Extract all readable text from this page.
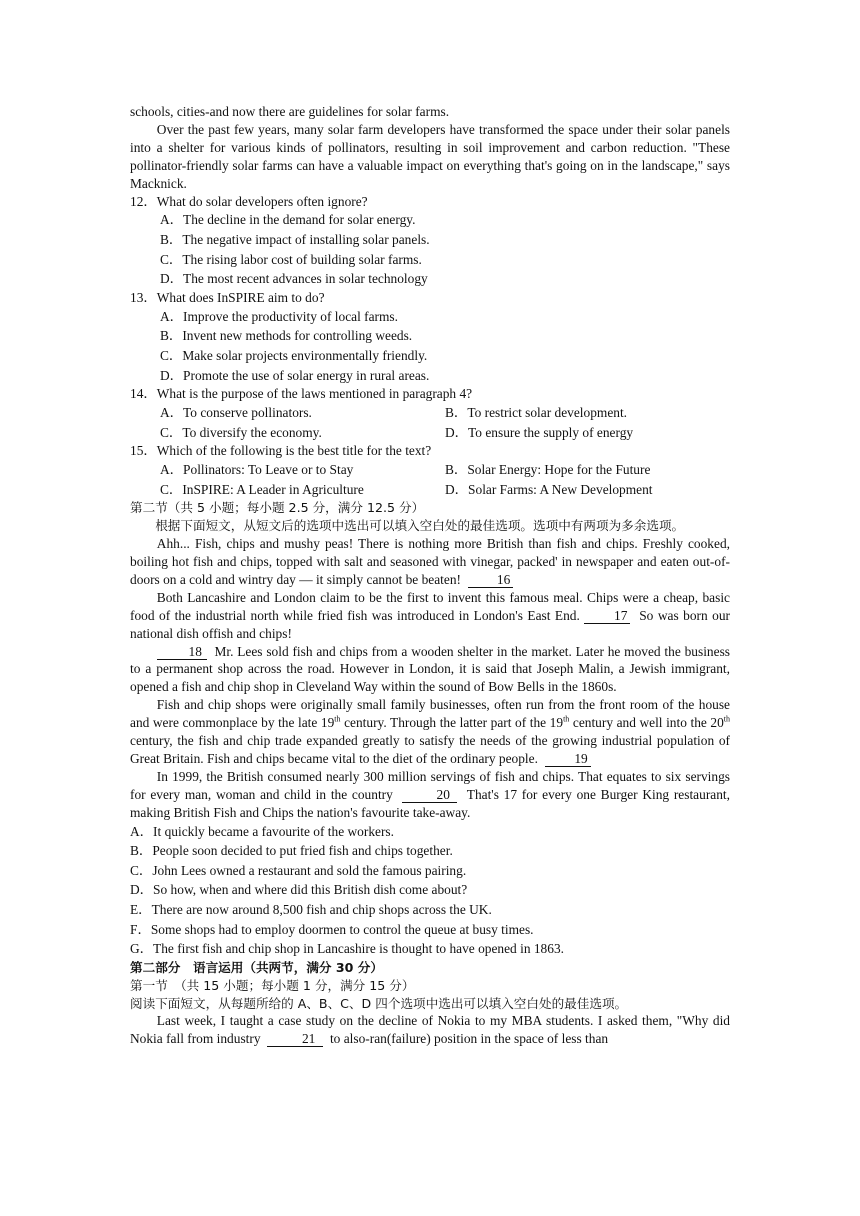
schools, cities-and now there are guidelines for solar farms.

Over the past few years, many solar farm developers have transformed the space under their solar panels into a shelter for various kinds of pollinators, resulting in soil improvement and carbon reduction. "These pollinator-friendly solar farms can have a valuable impact on everything that's going on in the landscape," says Macknick.

12．What do solar developers often ignore?

A．The decline in the demand for solar energy.
B．The negative impact of installing solar panels.
C．The rising labor cost of building solar farms.
D．The most recent advances in solar technology

13．What does InSPIRE aim to do?

A．Improve the productivity of local farms.
B．Invent new methods for controlling weeds.
C．Make solar projects environmentally friendly.
D．Promote the use of solar energy in rural areas.

14．What is the purpose of the laws mentioned in paragraph 4?

A．To conserve pollinators.	B．To restrict solar development.
C．To diversify the economy.	D．To ensure the supply of energy

15．Which of the following is the best title for the text?

A．Pollinators: To Leave or to Stay	B．Solar Energy: Hope for the Future
C．InSPIRE: A Leader in Agriculture	D．Solar Farms: A New Development

第二节（共 5 小题；每小题 2.5 分，满分 12.5 分）

根据下面短文，从短文后的选项中选出可以填入空白处的最佳选项。选项中有两项为多余选项。

Ahh... Fish, chips and mushy peas! There is nothing more British than fish and chips. Freshly cooked, boiling hot fish and chips, topped with salt and seasoned with vinegar, packed' in newspaper and eaten out-of-doors on a cold and wintry day — it simply cannot be beaten!	16

Both Lancashire and London claim to be the first to invent this famous meal. Chips were a cheap, basic food of the industrial north while fried fish was introduced in London's East End.	17 So was born our national dish offish and chips!

18 Mr. Lees sold fish and chips from a wooden shelter in the market. Later he moved the business to a permanent shop across the road. However in London, it is said that Joseph Malin, a Jewish immigrant, opened a fish and chip shop in Cleveland Way within the sound of Bow Bells in the 1860s.

Fish and chip shops were originally small family businesses, often run from the front room of the house and were commonplace by the late 19th century. Through the latter part of the 19th century and well into the 20th century, the fish and chip trade expanded greatly to satisfy the needs of the growing industrial population of Great Britain. Fish and chips became vital to the diet of the ordinary people.	19

In 1999, the British consumed nearly 300 million servings of fish and chips. That equates to six servings for every man, woman and child in the country	20 That's 17 for every one Burger King restaurant, making British Fish and Chips the nation's favourite take-away.

A．It quickly became a favourite of the workers.

B．People soon decided to put fried fish and chips together.

C．John Lees owned a restaurant and sold the famous pairing.

D．So how, when and where did this British dish come about?

E．There are now around 8,500 fish and chip shops across the UK.

F．Some shops had to employ doormen to control the queue at busy times.

G．The first fish and chip shop in Lancashire is thought to have opened in 1863.

第二部分　语言运用（共两节，满分 30 分）

第一节　（共 15 小题；每小题 1 分，满分 15 分）

阅读下面短文，从每题所给的 A、B、C、D 四个选项中选出可以填入空白处的最佳选项。

Last week, I taught a case study on the decline of Nokia to my MBA students. I asked them, "Why did Nokia fall from industry	21 to also-ran(failure) position in the space of less than
